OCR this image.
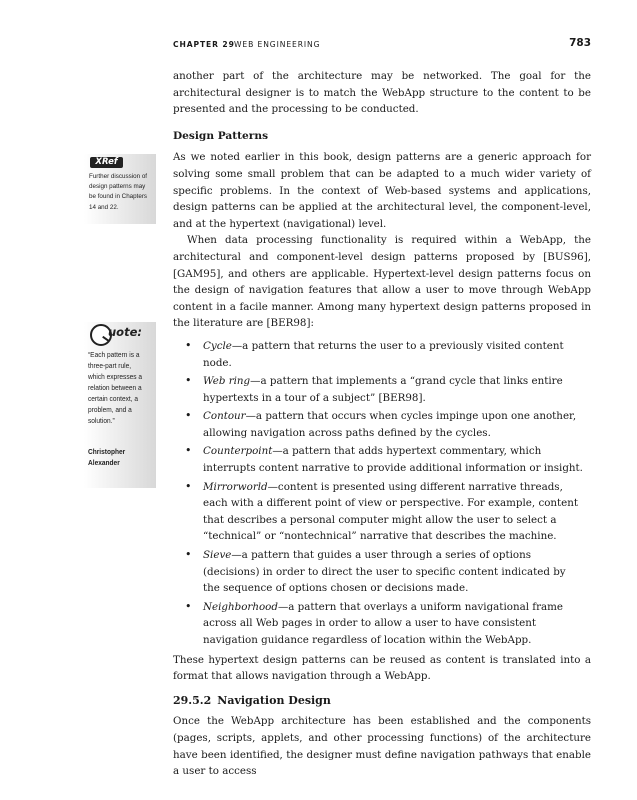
CHAPTER 29 WEB ENGINEERING	783
XRef
Further discussion of design patterns may be found in Chapters 14 and 22.
uote:
“Each pattern is a three-part rule, which expresses a relation between a certain context, a problem, and a solution.”
Christopher Alexander

another part of the architecture may be networked. The goal for the architectural designer is to match the WebApp structure to the content to be presented and the processing to be conducted.

Design Patterns

As we noted earlier in this book, design patterns are a generic approach for solving some small problem that can be adapted to a much wider variety of specific problems. In the context of Web-based systems and applications, design patterns can be applied at the architectural level, the component-level, and at the hypertext (navigational) level.

When data processing functionality is required within a WebApp, the architectural and component-level design patterns proposed by [BUS96], [GAM95], and others are applicable. Hypertext-level design patterns focus on the design of navigation features that allow a user to move through WebApp content in a facile manner. Among many hypertext design patterns proposed in the literature are [BER98]:

• Cycle—a pattern that returns the user to a previously visited content node.
• Web ring—a pattern that implements a “grand cycle that links entire hypertexts in a tour of a subject” [BER98].
• Contour—a pattern that occurs when cycles impinge upon one another, allowing navigation across paths defined by the cycles.
• Counterpoint—a pattern that adds hypertext commentary, which interrupts content narrative to provide additional information or insight.
• Mirrorworld—content is presented using different narrative threads, each with a different point of view or perspective. For example, content that describes a personal computer might allow the user to select a “technical” or “nontechnical” narrative that describes the machine.
• Sieve—a pattern that guides a user through a series of options (decisions) in order to direct the user to specific content indicated by the sequence of options chosen or decisions made.
• Neighborhood—a pattern that overlays a uniform navigational frame across all Web pages in order to allow a user to have consistent navigation guidance regardless of location within the WebApp.

These hypertext design patterns can be reused as content is translated into a format that allows navigation through a WebApp.

29.5.2 Navigation Design

Once the WebApp architecture has been established and the components (pages, scripts, applets, and other processing functions) of the architecture have been identified, the designer must define navigation pathways that enable a user to access
